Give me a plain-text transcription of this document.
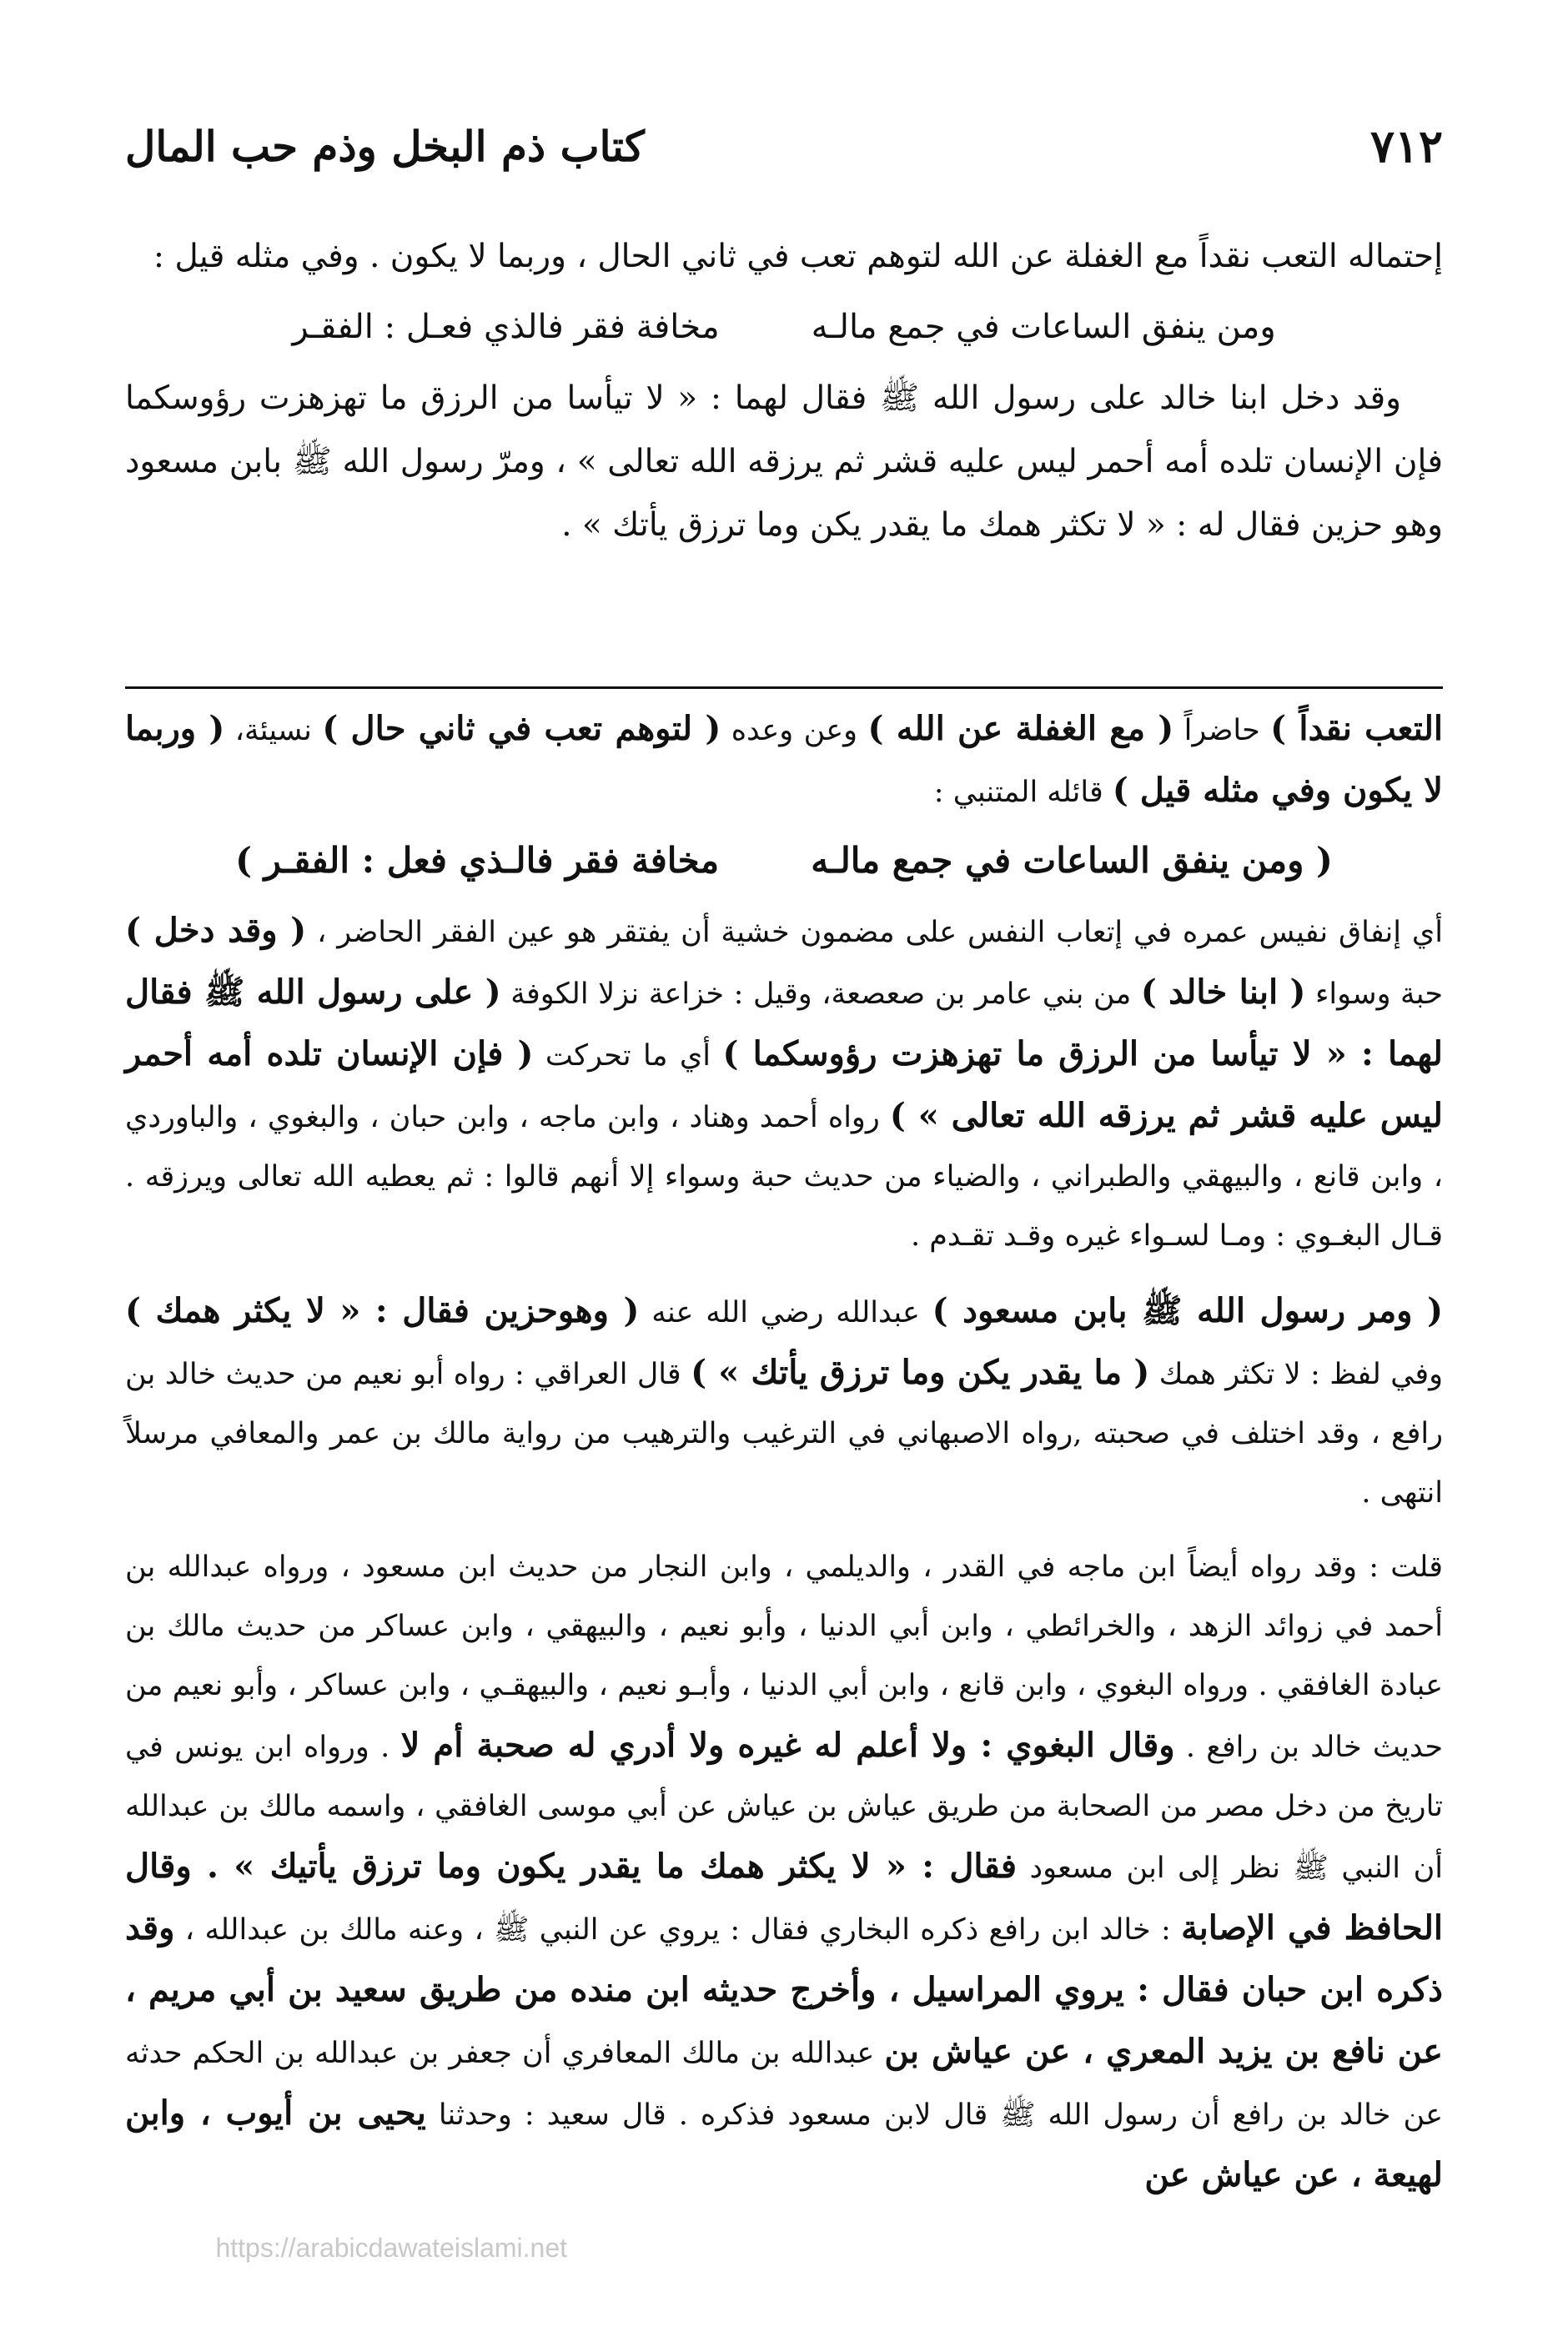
٧١٢
كتاب ذم البخل وذم حب المال

إحتماله التعب نقداً مع الغفلة عن الله لتوهم تعب في ثاني الحال ، وربما لا يكون . وفي مثله قيل :

ومن ينفق الساعات في جمع مالـه
مخافة فقر فالذي فعـل : الفقـر

وقد دخل ابنا خالد على رسول الله ﷺ فقال لهما : « لا تيأسا من الرزق ما تهزهزت رؤوسكما فإن الإنسان تلده أمه أحمر ليس عليه قشر ثم يرزقه الله تعالى » ، ومرّ رسول الله ﷺ بابن مسعود وهو حزين فقال له : « لا تكثر همك ما يقدر يكن وما ترزق يأتك » .

التعب نقداً ) حاضراً ( مع الغفلة عن الله ) وعن وعده ( لتوهم تعب في ثاني حال ) نسيئة، ( وربما لا يكون وفي مثله قيل ) قائله المتنبي :

( ومن ينفق الساعات في جمع مالـه
مخافة فقر فالـذي فعل : الفقـر )

أي إنفاق نفيس عمره في إتعاب النفس على مضمون خشية أن يفتقر هو عين الفقر الحاضر ، ( وقد دخل ) حبة وسواء ( ابنا خالد ) من بني عامر بن صعصعة، وقيل : خزاعة نزلا الكوفة ( على رسول الله ﷺ فقال لهما : « لا تيأسا من الرزق ما تهزهزت رؤوسكما ) أي ما تحركت ( فإن الإنسان تلده أمه أحمر ليس عليه قشر ثم يرزقه الله تعالى » ) رواه أحمد وهناد ، وابن ماجه ، وابن حبان ، والبغوي ، والباوردي ، وابن قانع ، والبيهقي والطبراني ، والضياء من حديث حبة وسواء إلا أنهم قالوا : ثم يعطيه الله تعالى ويرزقه . قـال البغـوي : ومـا لسـواء غيره وقـد تقـدم .

( ومر رسول الله ﷺ بابن مسعود ) عبدالله رضي الله عنه ( وهوحزين فقال : « لا يكثر همك ) وفي لفظ : لا تكثر همك ( ما يقدر يكن وما ترزق يأتك » ) قال العراقي : رواه أبو نعيم من حديث خالد بن رافع ، وقد اختلف في صحبته ,رواه الاصبهاني في الترغيب والترهيب من رواية مالك بن عمر والمعافي مرسلاً انتهى .

قلت : وقد رواه أيضاً ابن ماجه في القدر ، والديلمي ، وابن النجار من حديث ابن مسعود ، ورواه عبدالله بن أحمد في زوائد الزهد ، والخرائطي ، وابن أبي الدنيا ، وأبو نعيم ، والبيهقي ، وابن عساكر من حديث مالك بن عبادة الغافقي . ورواه البغوي ، وابن قانع ، وابن أبي الدنيا ، وأبـو نعيم ، والبيهقـي ، وابن عساكر ، وأبو نعيم من حديث خالد بن رافع . وقال البغوي : ولا أعلم له غيره ولا أدري له صحبة أم لا . ورواه ابن يونس في تاريخ من دخل مصر من الصحابة من طريق عياش بن عياش عن أبي موسى الغافقي ، واسمه مالك بن عبدالله أن النبي ﷺ نظر إلى ابن مسعود فقال : « لا يكثر همك ما يقدر يكون وما ترزق يأتيك » . وقال الحافظ في الإصابة : خالد ابن رافع ذكره البخاري فقال : يروي عن النبي ﷺ ، وعنه مالك بن عبدالله ، وقد ذكره ابن حبان فقال : يروي المراسيل ، وأخرج حديثه ابن منده من طريق سعيد بن أبي مريم ، عن نافع بن يزيد المعري ، عن عياش بن عبدالله بن مالك المعافري أن جعفر بن عبدالله بن الحكم حدثه عن خالد بن رافع أن رسول الله ﷺ قال لابن مسعود فذكره . قال سعيد : وحدثنا يحيى بن أيوب ، وابن لهيعة ، عن عياش عن

https://arabicdawateislami.net
